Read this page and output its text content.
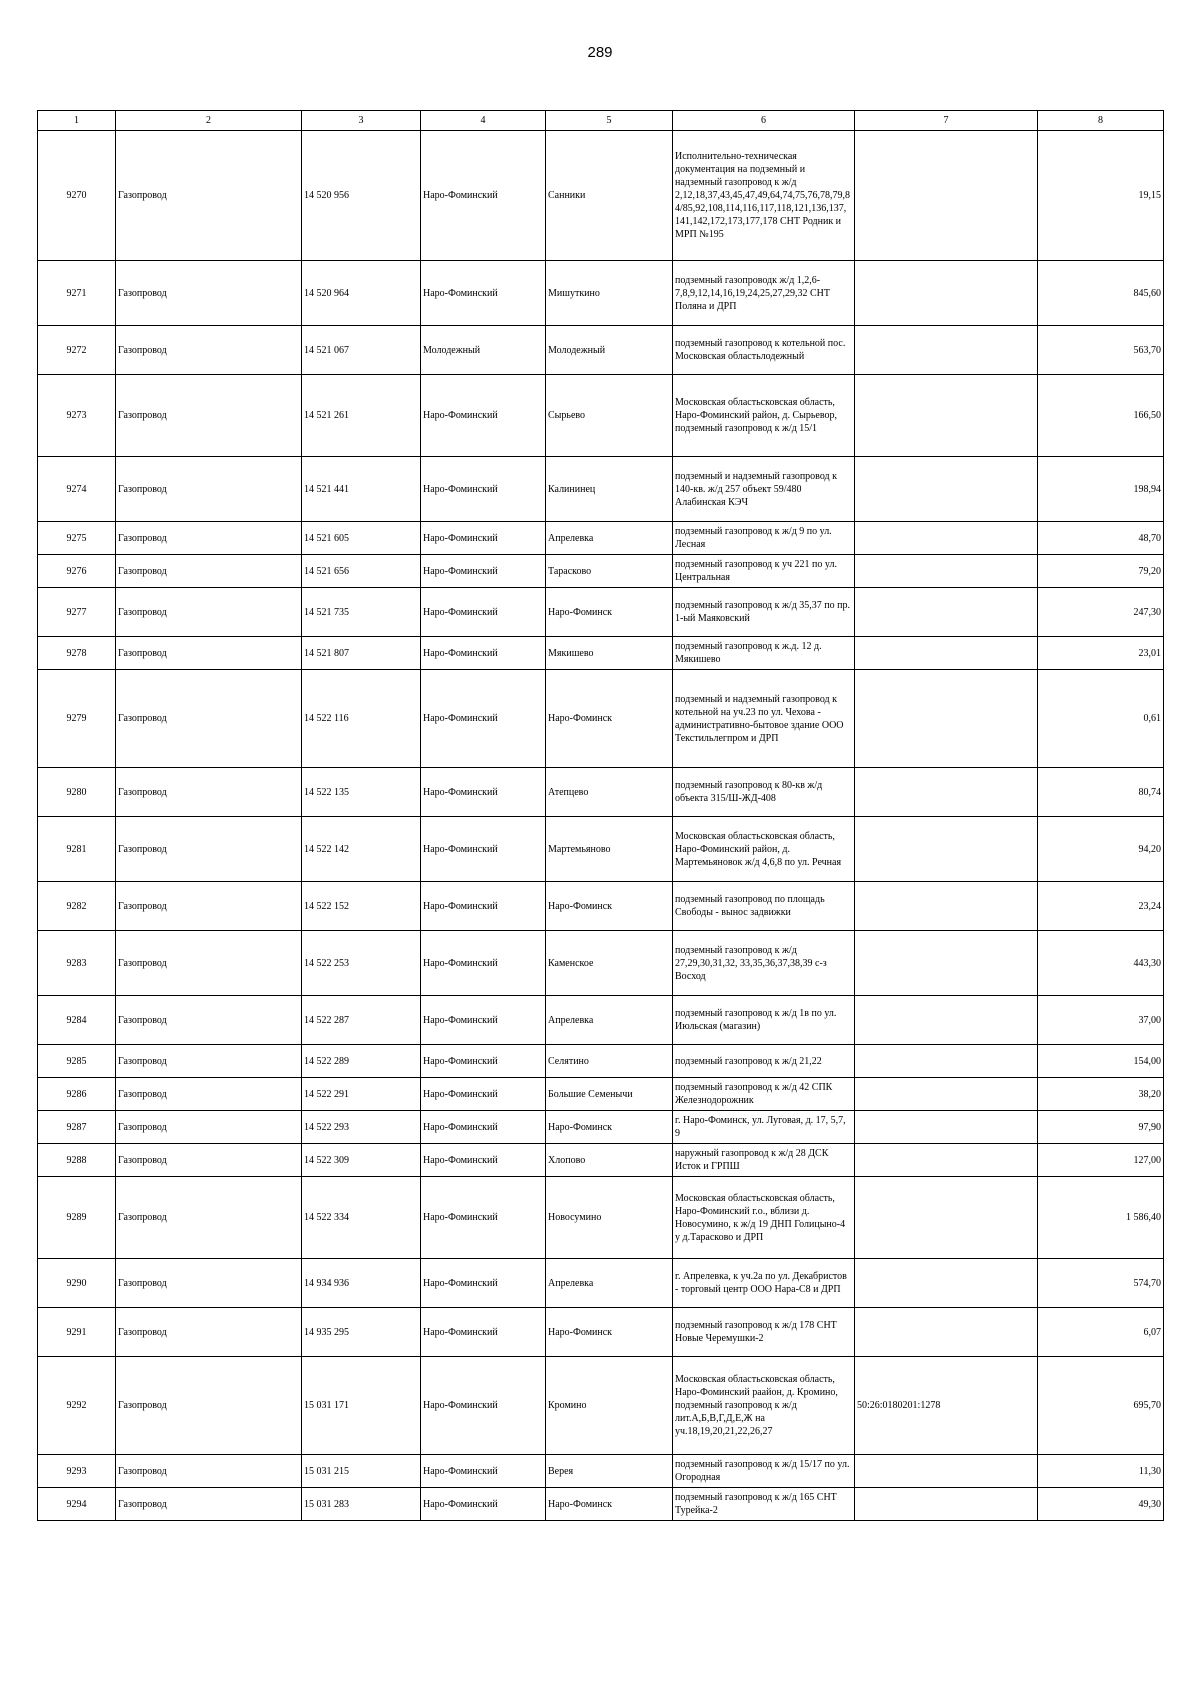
289
1	2	3	4	5	6	7	8
9270	Газопровод	14 520 956	Наро-Фоминский	Санники	Исполнительно-техническая документация на подземный и надземный газопровод к ж/д 2,12,18,37,43,45,47,49,64,74,75,76,78,79,84/85,92,108,114,116,117,118,121,136,137, 141,142,172,173,177,178 СНТ Родник и МРП №195		19,15
9271	Газопровод	14 520 964	Наро-Фоминский	Мишуткино	подземный газопроводк ж/д 1,2,6-7,8,9,12,14,16,19,24,25,27,29,32 СНТ Поляна и ДРП		845,60
9272	Газопровод	14 521 067	Молодежный	Молодежный	подземный газопровод к котельной пос. Московская областьлодежный		563,70
9273	Газопровод	14 521 261	Наро-Фоминский	Сырьево	Московская областьсковская область, Наро-Фоминский район, д. Сырьевор, подземный газопровод к ж/д 15/1		166,50
9274	Газопровод	14 521 441	Наро-Фоминский	Калининец	подземный и надземный газопровод к 140-кв. ж/д 257 объект 59/480 Алабинская КЭЧ		198,94
9275	Газопровод	14 521 605	Наро-Фоминский	Апрелевка	подземный газопровод к ж/д 9 по ул. Лесная		48,70
9276	Газопровод	14 521 656	Наро-Фоминский	Тарасково	подземный газопровод к уч 221 по ул. Центральная		79,20
9277	Газопровод	14 521 735	Наро-Фоминский	Наро-Фоминск	подземный газопровод к ж/д 35,37 по пр. 1-ый Маяковский		247,30
9278	Газопровод	14 521 807	Наро-Фоминский	Мякишево	подземный газопровод к ж.д. 12 д. Мякишево		23,01
9279	Газопровод	14 522 116	Наро-Фоминский	Наро-Фоминск	подземный и надземный газопровод к котельной на уч.23 по ул. Чехова - административно-бытовое здание ООО Текстильлегпром и ДРП		0,61
9280	Газопровод	14 522 135	Наро-Фоминский	Атепцево	подземный газопровод к 80-кв ж/д объекта 315/Ш-ЖД-408		80,74
9281	Газопровод	14 522 142	Наро-Фоминский	Мартемьяново	Московская областьсковская область, Наро-Фоминский район, д. Мартемьяновок ж/д 4,6,8 по ул. Речная		94,20
9282	Газопровод	14 522 152	Наро-Фоминский	Наро-Фоминск	подземный газопровод по площадь Свободы - вынос задвижки		23,24
9283	Газопровод	14 522 253	Наро-Фоминский	Каменское	подземный газопровод к ж/д 27,29,30,31,32, 33,35,36,37,38,39 с-з Восход		443,30
9284	Газопровод	14 522 287	Наро-Фоминский	Апрелевка	подземный газопровод к ж/д 1в по ул. Июльская (магазин)		37,00
9285	Газопровод	14 522 289	Наро-Фоминский	Селятино	подземный газопровод к ж/д 21,22		154,00
9286	Газопровод	14 522 291	Наро-Фоминский	Большие Семенычи	подземный газопровод к ж/д 42 СПК Железнодорожник		38,20
9287	Газопровод	14 522 293	Наро-Фоминский	Наро-Фоминск	г. Наро-Фоминск, ул. Луговая, д. 17, 5,7, 9		97,90
9288	Газопровод	14 522 309	Наро-Фоминский	Хлопово	наружный газопровод к ж/д 28 ДСК Исток и ГРПШ		127,00
9289	Газопровод	14 522 334	Наро-Фоминский	Новосумино	Московская областьсковская область, Наро-Фоминский г.о., вблизи д. Новосумино, к ж/д 19 ДНП Голицыно-4 у д.Тарасково и ДРП		1 586,40
9290	Газопровод	14 934 936	Наро-Фоминский	Апрелевка	г. Апрелевка, к уч.2а по ул. Декабристов - торговый центр ООО Нара-С8 и ДРП		574,70
9291	Газопровод	14 935 295	Наро-Фоминский	Наро-Фоминск	подземный газопровод к ж/д 178 СНТ Новые Черемушки-2		6,07
9292	Газопровод	15 031 171	Наро-Фоминский	Кромино	Московская областьсковская область, Наро-Фоминский раайон, д. Кромино, подземный газопровод к ж/д лит.А,Б,В,Г,Д,Е,Ж на уч.18,19,20,21,22,26,27	50:26:0180201:1278	695,70
9293	Газопровод	15 031 215	Наро-Фоминский	Верея	подземный газопровод к ж/д 15/17 по ул. Огородная		11,30
9294	Газопровод	15 031 283	Наро-Фоминский	Наро-Фоминск	подземный газопровод к ж/д 165 СНТ Турейка-2		49,30
